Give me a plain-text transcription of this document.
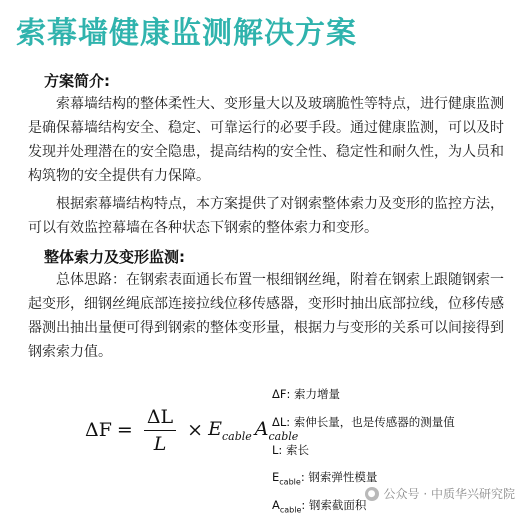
索幕墙健康监测解决方案
方案简介:
　　索幕墙结构的整体柔性大、变形量大以及玻璃脆性等特点，进行健康监测是确保幕墙结构安全、稳定、可靠运行的必要手段。通过健康监测，可以及时发现并处理潜在的安全隐患，提高结构的安全性、稳定性和耐久性，为人员和构筑物的安全提供有力保障。
　　根据索幕墙结构特点，本方案提供了对钢索整体索力及变形的监控方法，可以有效监控幕墙在各种状态下钢索的整体索力和变形。
整体索力及变形监测:
　　总体思路：在钢索表面通长布置一根细钢丝绳，附着在钢索上跟随钢索一起变形，细钢丝绳底部连接拉线位移传感器，变形时抽出底部拉线，位移传感器测出抽出量便可得到钢索的整体变形量，根据力与变形的关系可以间接得到钢索索力值。
$\Delta F = \frac{\Delta L}{L} \times E_{cable}$ $A_{cable}$
ΔF: 索力增量
ΔL: 索伸长量，也是传感器的测量值
L: 索长
$E_{cable}$: 钢索弹性模量
$A_{cable}$: 钢索截面积
● 公众号 · 中质华兴研究院
